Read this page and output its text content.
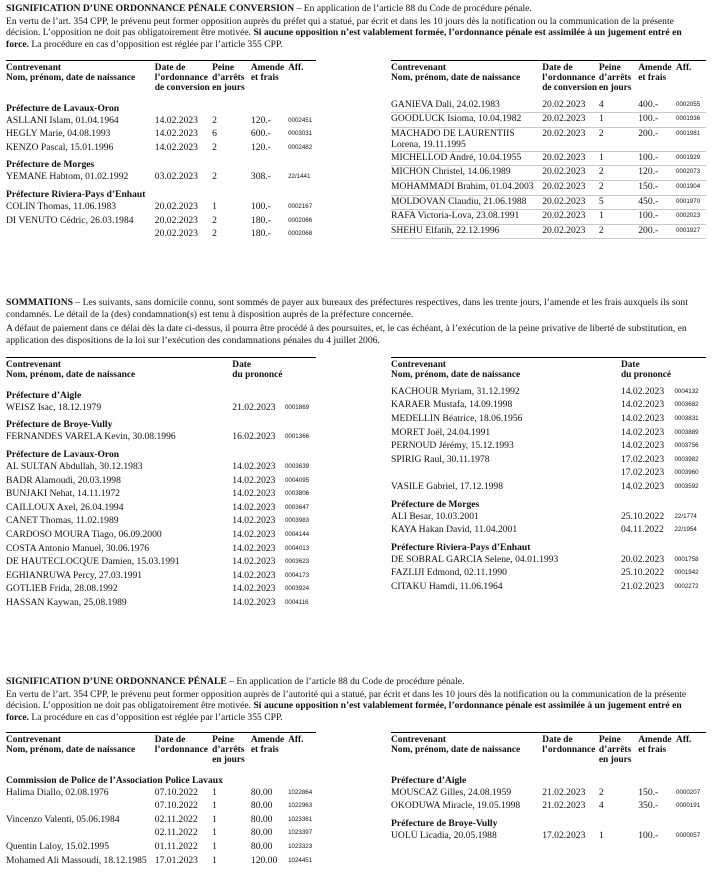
SIGNIFICATION D’UNE ORDONNANCE PÉNALE CONVERSION – En application de l’article 88 du Code de procédure pénale.

En vertu de l’art. 354 CPP, le prévenu peut former opposition auprès du préfet qui a statué, par écrit et dans les 10 jours dès la notification ou la communication de la présente décision. L’opposition ne doit pas obligatoirement être motivée. Si aucune opposition n’est valablement formée, l’ordonnance pénale est assimilée à un jugement entré en force. La procédure en cas d’opposition est réglée par l’article 355 CPP.

Contrevenant
Nom, prénom, date de naissance	Date de
l’ordonnance
de conversion	Peine
d’arrêts
en jours	Amende
et frais	Aff.

Préfecture de Lavaux-Oron				
ASLLANI Islam, 01.04.1964	14.02.2023	2	120.-	0002451
HEGLY Marie, 04.08.1993	14.02.2023	6	600.-	0003031
KENZO Pascal, 15.01.1996	14.02.2023	2	120.-	0002482
Préfecture de Morges				
YEMANE Habtom, 01.02.1992	03.02.2023	2	308.-	22/1441
Préfecture Riviera-Pays d’Enhaut				
COLIN Thomas, 11.06.1983	20.02.2023	1	100.-	0002167
DI VENUTO Cédric, 26.03.1984	20.02.2023	2	180.-	0002066
	20.02.2023	2	180.-	0002068
Contrevenant
Nom, prénom, date de naissance	Date de
l’ordonnance
de conversion	Peine
d’arrêts
en jours	Amende
et frais	Aff.

GANIEVA Dali, 24.02.1983	20.02.2023	4	400.-	0002055
GOODLUCK Isioma, 10.04.1982	20.02.2023	1	100.-	0001936
MACHADO DE LAURENTIIS
Lorena, 19.11.1995	20.02.2023	2	200.-	0001981
MICHELLOD André, 10.04.1955	20.02.2023	1	100.-	0001929
MICHON Christel, 14.06.1989	20.02.2023	2	120.-	0002073
MOHAMMADI Brahim, 01.04.2003	20.02.2023	2	150.-	0001904
MOLDOVAN Claudiu, 21.06.1988	20.02.2023	5	450.-	0001970
RAFA Victoria-Lova, 23.08.1991	20.02.2023	1	100.-	0002023
SHEHU Elfatih, 22.12.1996	20.02.2023	2	200.-	0001927

SOMMATIONS – Les suivants, sans domicile connu, sont sommés de payer aux bureaux des préfectures respectives, dans les trente jours, l’amende et les frais auxquels ils sont condamnés. Le détail de la (des) condamnation(s) est tenu à disposition auprès de la préfecture concernée.

A défaut de paiement dans ce délai dès la date ci-dessus, il pourra être procédé à des poursuites, et, le cas échéant, à l’exécution de la peine privative de liberté de substitution, en application des dispositions de la loi sur l’exécution des condamnations pénales du 4 juillet 2006.

Contrevenant
Nom, prénom, date de naissance	Date
du prononcé	

Préfecture d’Aigle		
WEISZ Isac, 18.12.1979	21.02.2023	0001869
Préfecture de Broye-Vully		
FERNANDES VARELA Kevin, 30.08.1996	16.02.2023	0001366
Préfecture de Lavaux-Oron		
AL SULTAN Abdullah, 30.12.1983	14.02.2023	0003639
BADR Alamoudi, 20.03.1998	14.02.2023	0004095
BUNJAKI Nehat, 14.11.1972	14.02.2023	0003806
CAILLOUX Axel, 26.04.1994	14.02.2023	0003647
CANET Thomas, 11.02.1989	14.02.2023	0003983
CARDOSO MOURA Tiago, 06.09.2000	14.02.2023	0004144
COSTA Antonio Manuel, 30.06.1976	14.02.2023	0004013
DE HAUTECLOCQUE Damien, 15.03.1991	14.02.2023	0003623
EGHIANRUWA Percy, 27.03.1991	14.02.2023	0004173
GOTLIEB Frida, 28.08.1992	14.02.2023	0003924
HASSAN Kaywan, 25.08.1989	14.02.2023	0004116
Contrevenant
Nom, prénom, date de naissance	Date
du prononcé	

KACHOUR Myriam, 31.12.1992	14.02.2023	0004132
KARAER Mustafa, 14.09.1998	14.02.2023	0003682
MEDELLIN Béatrice, 18.06.1956	14.02.2023	0003831
MORET Joël, 24.04.1991	14.02.2023	0003889
PERNOUD Jérémy, 15.12.1993	14.02.2023	0003756
SPIRIG Raul, 30.11.1978	17.02.2023	0003982
	17.02.2023	0003960
VASILE Gabriel, 17.12.1998	14.02.2023	0003592
Préfecture de Morges		
ALI Besar, 10.03.2001	25.10.2022	22/1774
KAYA Hakan David, 11.04.2001	04.11.2022	22/1954
Préfecture Riviera-Pays d’Enhaut		
DE SOBRAL GARCIA Selene, 04.01.1993	20.02.2023	0001758
FAZLIJI Edmond, 02.11.1990	25.10.2022	0001942
CITAKU Hamdi, 11.06.1964	21.02.2023	0002272

SIGNIFICATION D’UNE ORDONNANCE PÉNALE – En application de l’article 88 du Code de procédure pénale.

En vertu de l’art. 354 CPP, le prévenu peut former opposition auprès de l’autorité qui a statué, par écrit et dans les 10 jours dès la notification ou la communication de la présente décision. L’opposition ne doit pas obligatoirement être motivée. Si aucune opposition n’est valablement formée, l’ordonnance pénale est assimilée à un jugement entré en force. La procédure en cas d’opposition est réglée par l’article 355 CPP.

Contrevenant
Nom, prénom, date de naissance	Date de
l’ordonnance	Peine
d’arrêts
en jours	Amende
et frais	Aff.

Commission de Police de l’Association Police Lavaux				
Halima Diallo, 02.08.1976	07.10.2022	1	80.00	1022864
	07.10.2022	1	80.00	1022963
Vincenzo Valenti, 05.06.1984	02.11.2022	1	80.00	1023361
	02.11.2022	1	80.00	1023397
Quentin Laloy, 15.02.1995	01.11.2022	1	80.00	1023323
Mohamed Ali Massoudi, 18.12.1985	17.01.2023	1	120.00	1024451
Contrevenant
Nom, prénom, date de naissance	Date de
l’ordonnance	Peine
d’arrêts
en jours	Amende
et frais	Aff.

Préfecture d’Aigle				
MOUSCAZ Gilles, 24.08.1959	21.02.2023	2	150.-	0000207
OKODUWA Miracle, 19.05.1998	21.02.2023	4	350.-	0000191
Préfecture de Broye-Vully				
UOLÙ Licadia, 20.05.1988	17.02.2023	1	100.-	0000057
